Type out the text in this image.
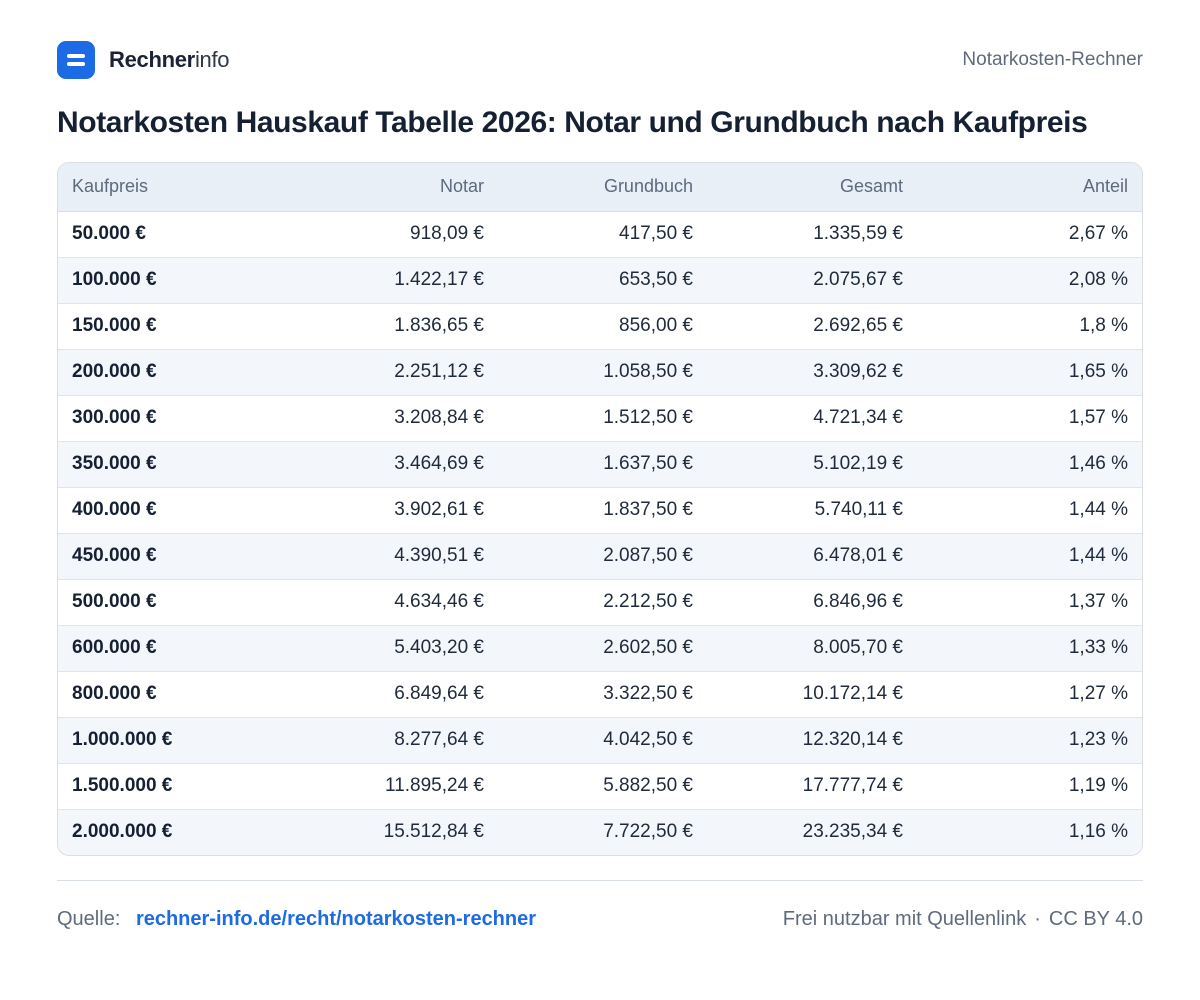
Rechnerinfo	Notarkosten-Rechner
Notarkosten Hauskauf Tabelle 2026: Notar und Grundbuch nach Kaufpreis
Kaufpreis	Notar	Grundbuch	Gesamt	Anteil
50.000 €	918,09 €	417,50 €	1.335,59 €	2,67 %
100.000 €	1.422,17 €	653,50 €	2.075,67 €	2,08 %
150.000 €	1.836,65 €	856,00 €	2.692,65 €	1,8 %
200.000 €	2.251,12 €	1.058,50 €	3.309,62 €	1,65 %
300.000 €	3.208,84 €	1.512,50 €	4.721,34 €	1,57 %
350.000 €	3.464,69 €	1.637,50 €	5.102,19 €	1,46 %
400.000 €	3.902,61 €	1.837,50 €	5.740,11 €	1,44 %
450.000 €	4.390,51 €	2.087,50 €	6.478,01 €	1,44 %
500.000 €	4.634,46 €	2.212,50 €	6.846,96 €	1,37 %
600.000 €	5.403,20 €	2.602,50 €	8.005,70 €	1,33 %
800.000 €	6.849,64 €	3.322,50 €	10.172,14 €	1,27 %
1.000.000 €	8.277,64 €	4.042,50 €	12.320,14 €	1,23 %
1.500.000 €	11.895,24 €	5.882,50 €	17.777,74 €	1,19 %
2.000.000 €	15.512,84 €	7.722,50 €	23.235,34 €	1,16 %
Quelle: rechner-info.de/recht/notarkosten-rechner	Frei nutzbar mit Quellenlink · CC BY 4.0
